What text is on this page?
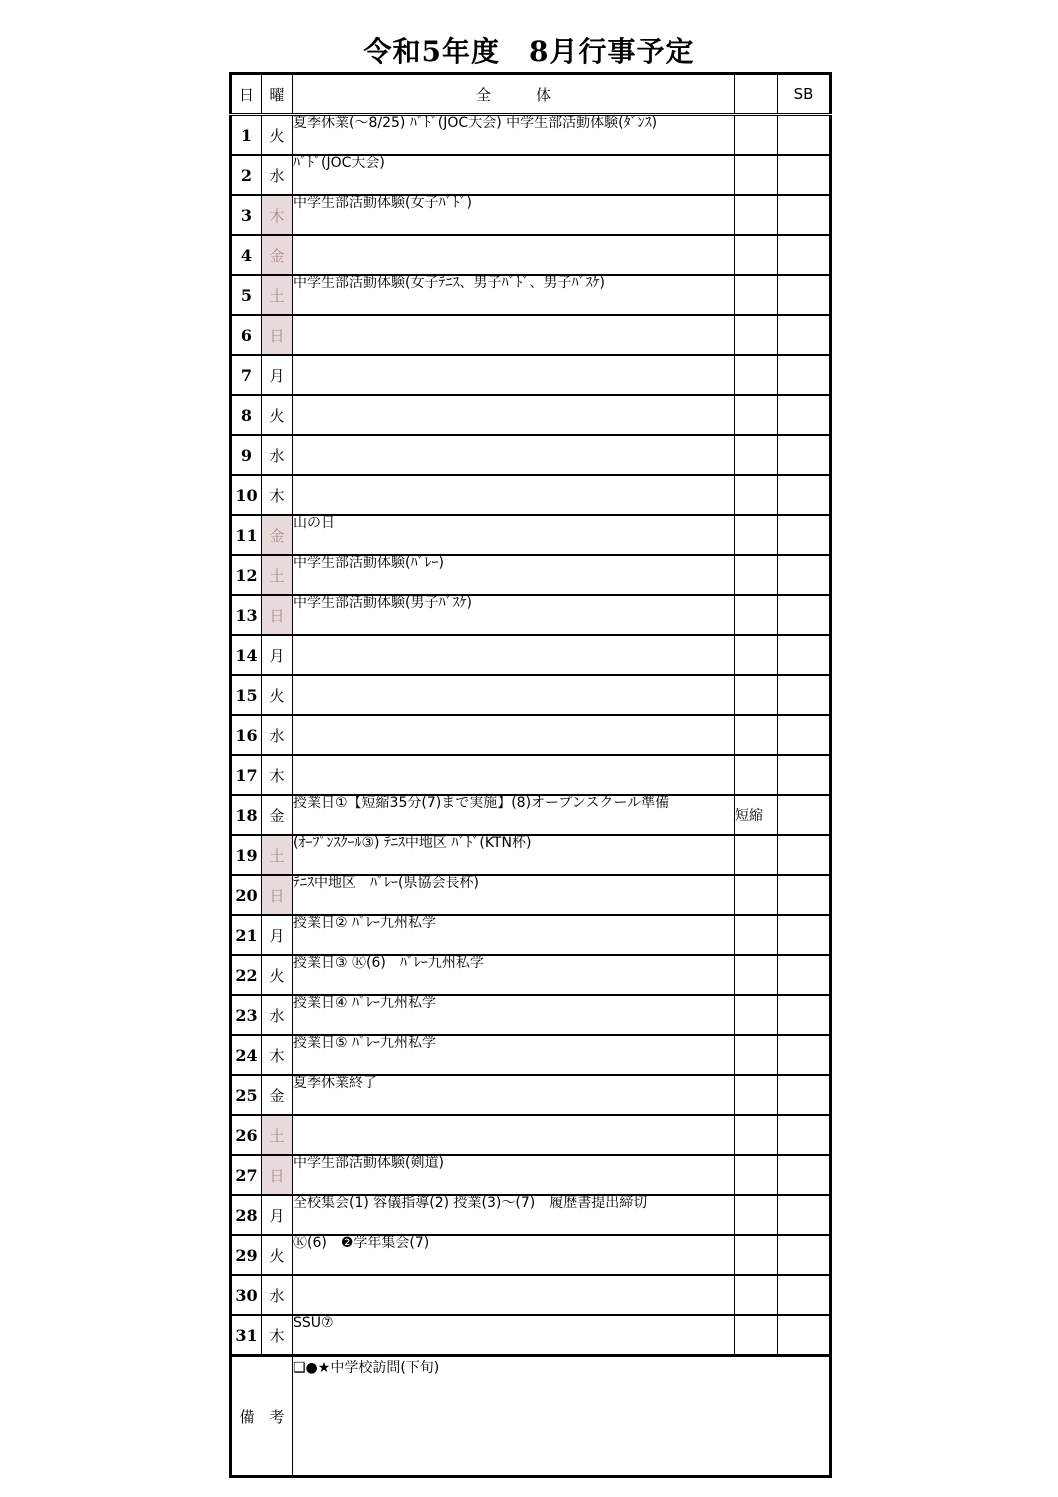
令和5年度　8月行事予定
日	曜	全　　　体		SB
1	火	夏季休業(～8/25) ﾊﾞﾄﾞ(JOC大会) 中学生部活動体験(ﾀﾞﾝｽ)		
2	水	ﾊﾞﾄﾞ(JOC大会)		
3	木	中学生部活動体験(女子ﾊﾞﾄﾞ)		
4	金			
5	土	中学生部活動体験(女子ﾃﾆｽ、男子ﾊﾞﾄﾞ、男子ﾊﾞｽｹ)		
6	日			
7	月			
8	火			
9	水			
10	木			
11	金	山の日		
12	土	中学生部活動体験(ﾊﾞﾚｰ)		
13	日	中学生部活動体験(男子ﾊﾞｽｹ)		
14	月			
15	火			
16	水			
17	木			
18	金	授業日①【短縮35分(7)まで実施】(8)オープンスクール準備	短縮	
19	土	(ｵｰﾌﾟﾝｽｸｰﾙ③) ﾃﾆｽ中地区 ﾊﾞﾄﾞ(KTN杯)		
20	日	ﾃﾆｽ中地区　ﾊﾞﾚｰ(県協会長杯)		
21	月	授業日② ﾊﾞﾚｰ九州私学		
22	火	授業日③ Ⓚ(6)　ﾊﾞﾚｰ九州私学		
23	水	授業日④ ﾊﾞﾚｰ九州私学		
24	木	授業日⑤ ﾊﾞﾚｰ九州私学		
25	金	夏季休業終了		
26	土			
27	日	中学生部活動体験(剣道)		
28	月	全校集会(1) 容儀指導(2) 授業(3)～(7)　履歴書提出締切		
29	火	Ⓚ(6)　❷学年集会(7)		
30	水			
31	木	SSU⑦		
備　考		❏●★中学校訪問(下旬)		
